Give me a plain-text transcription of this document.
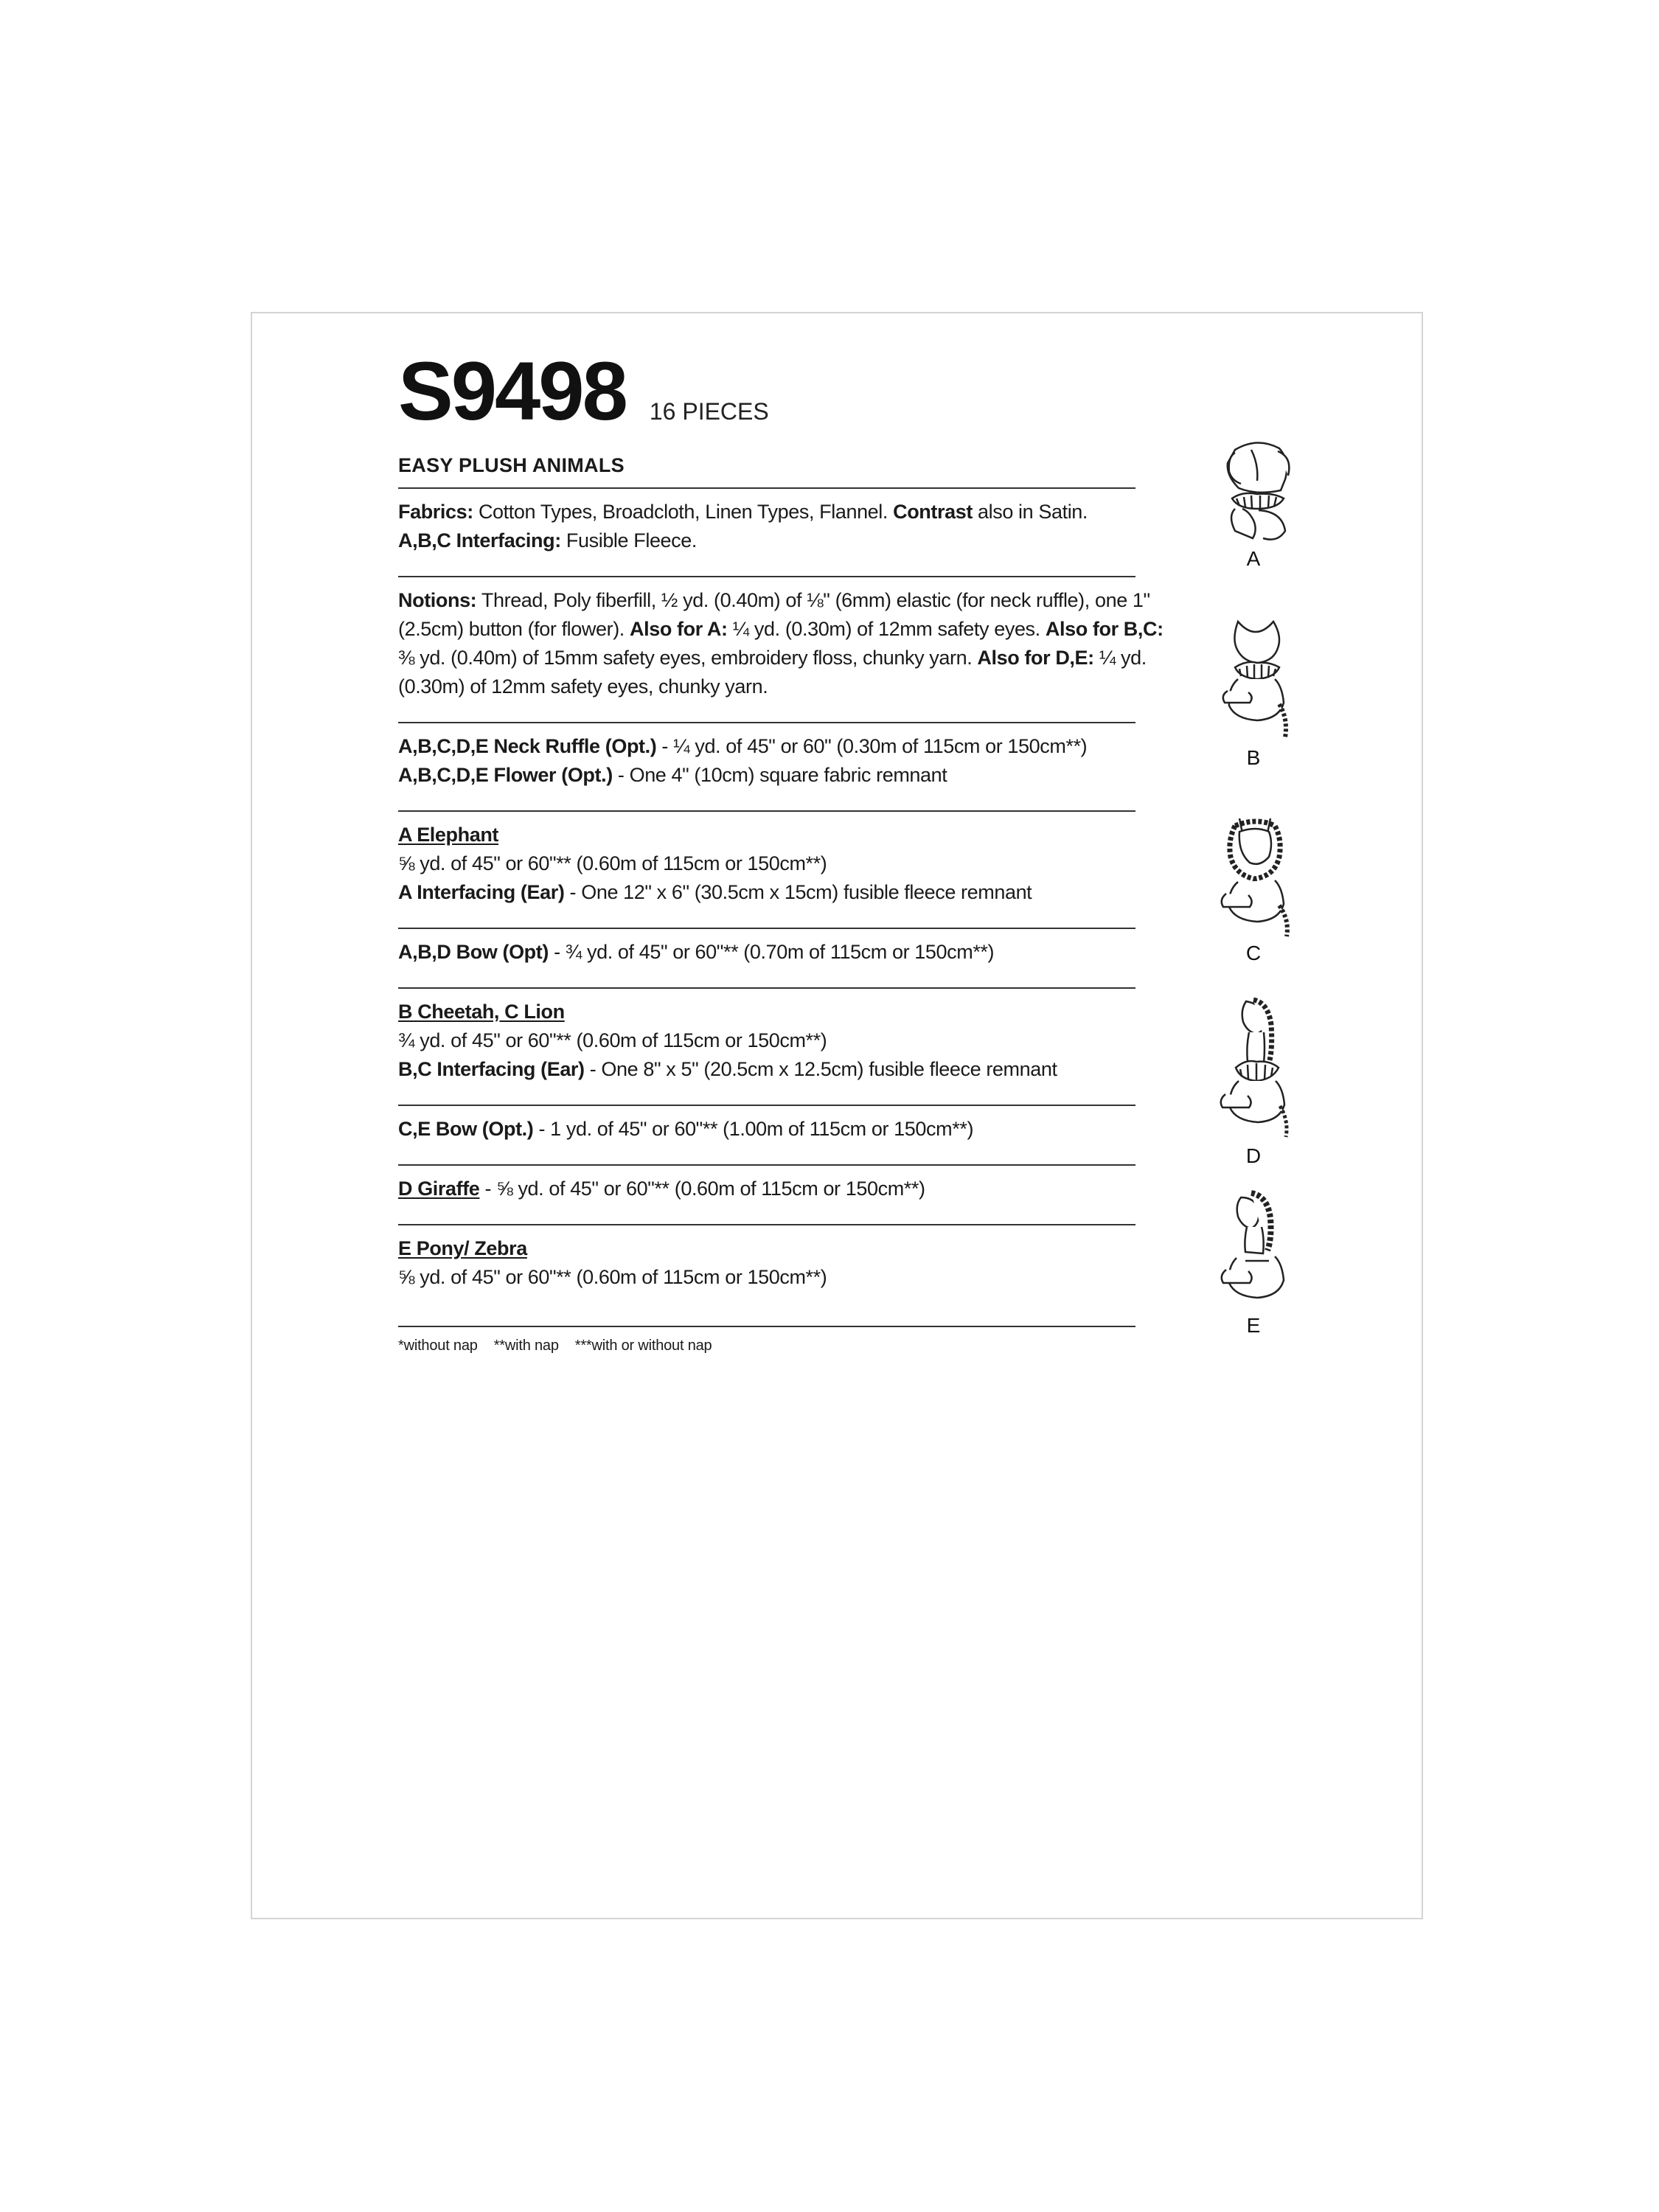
S9498 16 PIECES

EASY PLUSH ANIMALS

Fabrics: Cotton Types, Broadcloth, Linen Types, Flannel. Contrast also in Satin.

A,B,C Interfacing: Fusible Fleece.

Notions: Thread, Poly fiberfill, ½ yd. (0.40m) of ⅛" (6mm) elastic (for neck ruffle), one 1"

(2.5cm) button (for flower). Also for A: ¼ yd. (0.30m) of 12mm safety eyes. Also for B,C:

⅜ yd. (0.40m) of 15mm safety eyes, embroidery floss, chunky yarn. Also for D,E: ¼ yd.

(0.30m) of 12mm safety eyes, chunky yarn.

A,B,C,D,E Neck Ruffle (Opt.) - ¼ yd. of 45" or 60" (0.30m of 115cm or 150cm**)

A,B,C,D,E Flower (Opt.) - One 4" (10cm) square fabric remnant

A Elephant

⅝ yd. of 45" or 60"** (0.60m of 115cm or 150cm**)

A Interfacing (Ear) - One 12" x 6" (30.5cm x 15cm) fusible fleece remnant

A,B,D Bow (Opt) - ¾ yd. of 45" or 60"** (0.70m of 115cm or 150cm**)

B Cheetah, C Lion

¾ yd. of 45" or 60"** (0.60m of 115cm or 150cm**)

B,C Interfacing (Ear) - One 8" x 5" (20.5cm x 12.5cm) fusible fleece remnant

C,E Bow (Opt.) - 1 yd. of 45" or 60"** (1.00m of 115cm or 150cm**)

D Giraffe - ⅝ yd. of 45" or 60"** (0.60m of 115cm or 150cm**)

E Pony/ Zebra

⅝ yd. of 45" or 60"** (0.60m of 115cm or 150cm**)

*without nap **with nap ***with or without nap

A
B
C
D
E
